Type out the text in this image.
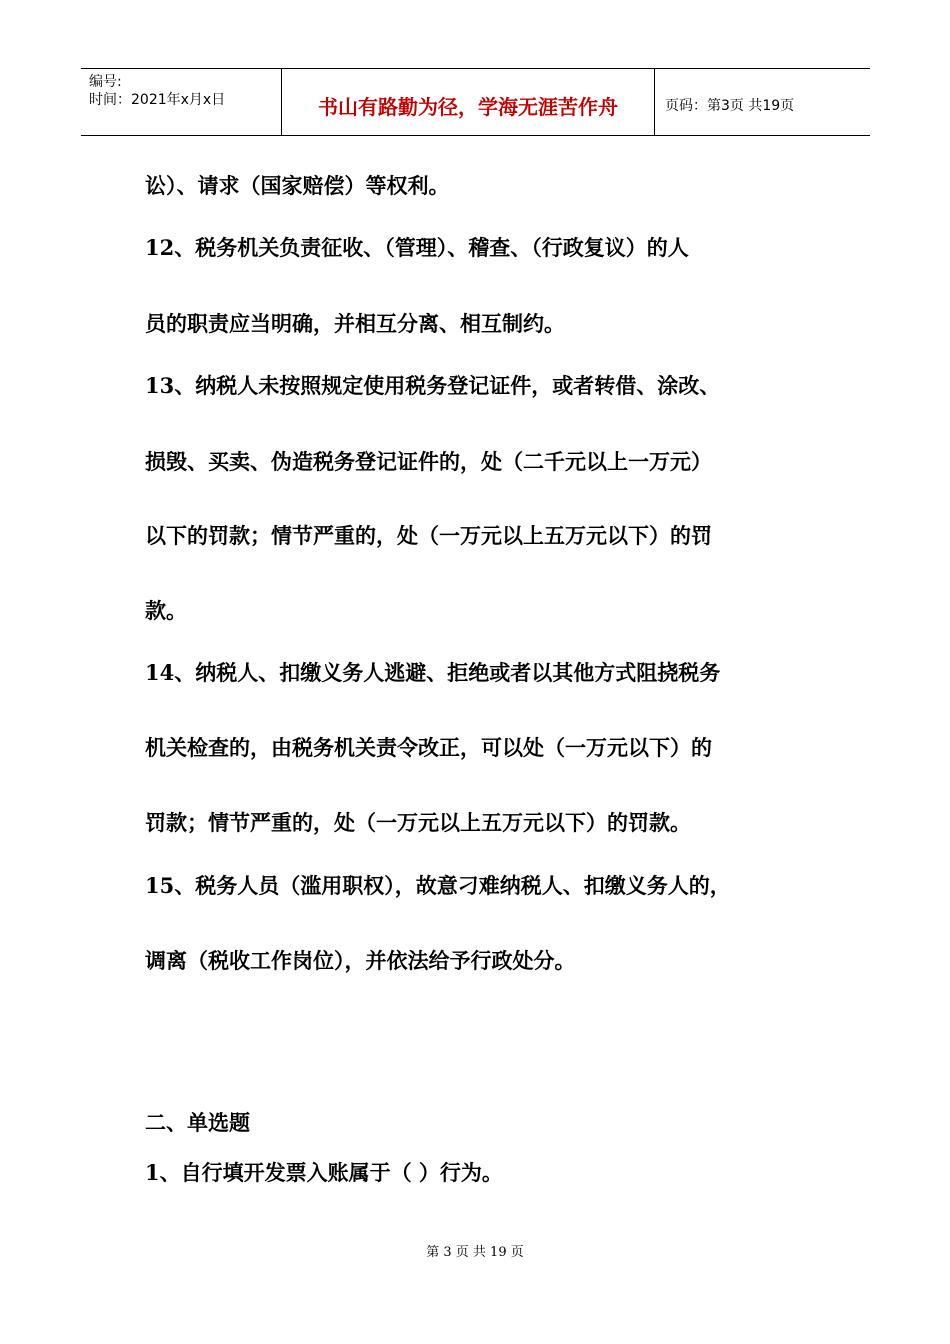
编号:
时间：2021年x月x日	书山有路勤为径，学海无涯苦作舟	页码：第3页 共19页
讼）、请求（国家赔偿）等权利。
12、税务机关负责征收、（管理）、稽查、（行政复议）的人
员的职责应当明确，并相互分离、相互制约。
13、纳税人未按照规定使用税务登记证件，或者转借、涂改、
损毁、买卖、伪造税务登记证件的，处（二千元以上一万元）
以下的罚款；情节严重的，处（一万元以上五万元以下）的罚
款。
14、纳税人、扣缴义务人逃避、拒绝或者以其他方式阻挠税务
机关检查的，由税务机关责令改正，可以处（一万元以下）的
罚款；情节严重的，处（一万元以上五万元以下）的罚款。
15、税务人员（滥用职权），故意刁难纳税人、扣缴义务人的，
调离（税收工作岗位），并依法给予行政处分。
二、单选题
1、自行填开发票入账属于（ ）行为。
第 3 页 共 19 页
